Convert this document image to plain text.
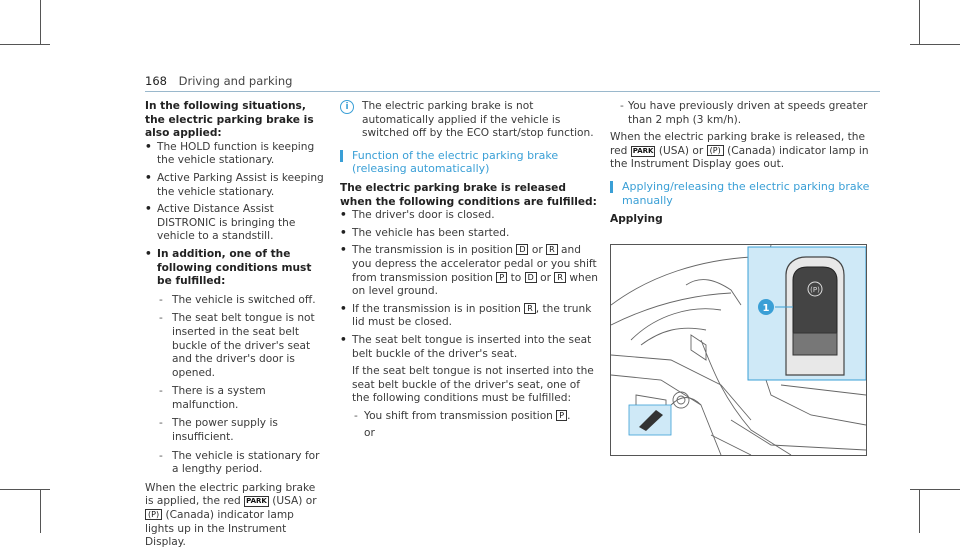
168 Driving and parking

In the following situations, the electric parking brake is also applied:

• The HOLD function is keeping the vehicle stationary.

• Active Parking Assist is keeping the vehicle stationary.

• Active Distance Assist DISTRONIC is bringing the vehicle to a standstill.

• In addition, one of the following conditions must be fulfilled:

- The vehicle is switched off.

- The seat belt tongue is not inserted in the seat belt buckle of the driver's seat and the driver's door is opened.

- There is a system malfunction.

- The power supply is insufficient.

- The vehicle is stationary for a lengthy period.

When the electric parking brake is applied, the red PARK (USA) or (P) (Canada) indicator lamp lights up in the Instrument Display.

i	The electric parking brake is not automatically applied if the vehicle is switched off by the ECO start/stop function.

Function of the electric parking brake (releasing automatically)

The electric parking brake is released when the following conditions are fulfilled:

• The driver's door is closed.

• The vehicle has been started.

• The transmission is in position D or R and you depress the accelerator pedal or you shift from transmission position P to D or R when on level ground.

• If the transmission is in position R , the trunk lid must be closed.

• The seat belt tongue is inserted into the seat belt buckle of the driver's seat.

If the seat belt tongue is not inserted into the seat belt buckle of the driver's seat, one of the following conditions must be fulfilled:

- You shift from transmission position P .

or

- You have previously driven at speeds greater than 2 mph (3 km/h).

When the electric parking brake is released, the red PARK (USA) or (P) (Canada) indicator lamp in the Instrument Display goes out.

Applying/releasing the electric parking brake manually

Applying

(P)
1
